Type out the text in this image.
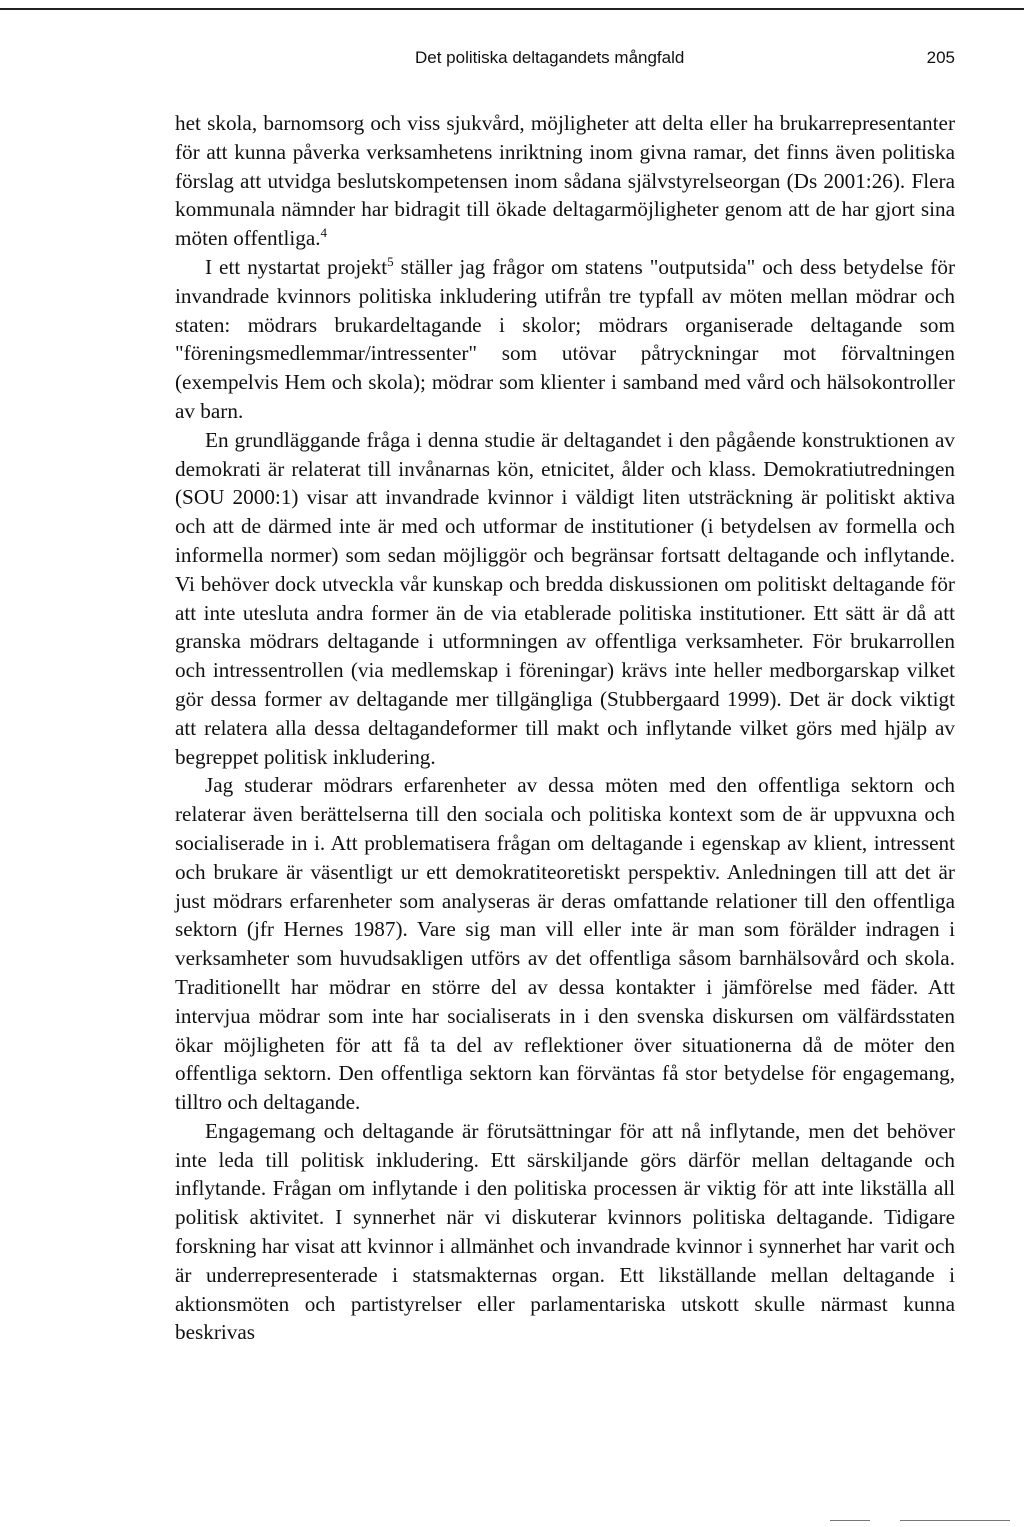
Det politiska deltagandets mångfald	205

het skola, barnomsorg och viss sjukvård, möjligheter att delta eller ha brukarrepresentanter för att kunna påverka verksamhetens inriktning inom givna ramar, det finns även politiska förslag att utvidga beslutskompetensen inom sådana självstyrelseorgan (Ds 2001:26). Flera kommunala nämnder har bidragit till ökade deltagarmöjligheter genom att de har gjort sina möten offentliga.$^4$

I ett nystartat projekt$^5$ ställer jag frågor om statens "outputsida" och dess betydelse för invandrade kvinnors politiska inkludering utifrån tre typfall av möten mellan mödrar och staten: mödrars brukardeltagande i skolor; mödrars organiserade deltagande som "föreningsmedlemmar/intressenter" som utövar påtryckningar mot förvaltningen (exempelvis Hem och skola); mödrar som klienter i samband med vård och hälsokontroller av barn.

En grundläggande fråga i denna studie är deltagandet i den pågående konstruktionen av demokrati är relaterat till invånarnas kön, etnicitet, ålder och klass. Demokratiutredningen (SOU 2000:1) visar att invandrade kvinnor i väldigt liten utsträckning är politiskt aktiva och att de därmed inte är med och utformar de institutioner (i betydelsen av formella och informella normer) som sedan möjliggör och begränsar fortsatt deltagande och inflytande. Vi behöver dock utveckla vår kunskap och bredda diskussionen om politiskt deltagande för att inte utesluta andra former än de via etablerade politiska institutioner. Ett sätt är då att granska mödrars deltagande i utformningen av offentliga verksamheter. För brukarrollen och intressentrollen (via medlemskap i föreningar) krävs inte heller medborgarskap vilket gör dessa former av deltagande mer tillgängliga (Stubbergaard 1999). Det är dock viktigt att relatera alla dessa deltagandeformer till makt och inflytande vilket görs med hjälp av begreppet politisk inkludering.

Jag studerar mödrars erfarenheter av dessa möten med den offentliga sektorn och relaterar även berättelserna till den sociala och politiska kontext som de är uppvuxna och socialiserade in i. Att problematisera frågan om deltagande i egenskap av klient, intressent och brukare är väsentligt ur ett demokratiteoretiskt perspektiv. Anledningen till att det är just mödrars erfarenheter som analyseras är deras omfattande relationer till den offentliga sektorn (jfr Hernes 1987). Vare sig man vill eller inte är man som förälder indragen i verksamheter som huvudsakligen utförs av det offentliga såsom barnhälsovård och skola. Traditionellt har mödrar en större del av dessa kontakter i jämförelse med fäder. Att intervjua mödrar som inte har socialiserats in i den svenska diskursen om välfärdsstaten ökar möjligheten för att få ta del av reflektioner över situationerna då de möter den offentliga sektorn. Den offentliga sektorn kan förväntas få stor betydelse för engagemang, tilltro och deltagande.

Engagemang och deltagande är förutsättningar för att nå inflytande, men det behöver inte leda till politisk inkludering. Ett särskiljande görs därför mellan deltagande och inflytande. Frågan om inflytande i den politiska processen är viktig för att inte likställa all politisk aktivitet. I synnerhet när vi diskuterar kvinnors politiska deltagande. Tidigare forskning har visat att kvinnor i allmänhet och invandrade kvinnor i synnerhet har varit och är underrepresenterade i statsmakternas organ. Ett likställande mellan deltagande i aktionsmöten och partistyrelser eller parlamentariska utskott skulle närmast kunna beskrivas
